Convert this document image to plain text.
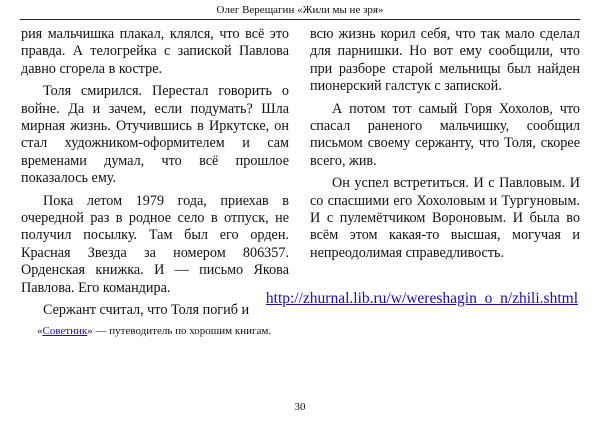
Олег Верещагин «Жили мы не зря»

рия мальчишка плакал, клялся, что всё это правда. А телогрейка с запиской Павлова давно сгорела в костре.

Толя смирился. Перестал говорить о войне. Да и зачем, если подумать? Шла мирная жизнь. Отучившись в Иркутске, он стал художником-оформителем и сам временами думал, что всё прошлое показалось ему.

Пока летом 1979 года, приехав в очередной раз в родное село в отпуск, не получил посылку. Там был его орден. Красная Звезда за номером 806357. Орденская книжка. И — письмо Якова Павлова. Его командира.

Сержант считал, что Толя погиб и

всю жизнь корил себя, что так мало сделал для парнишки. Но вот ему сообщили, что при разборе старой мельницы был найден пионерский галстук с запиской.

А потом тот самый Горя Хохолов, что спасал раненого мальчишку, сообщил письмом своему сержанту, что Толя, скорее всего, жив.

Он успел встретиться. И с Павловым. И со спасшими его Хохоловым и Тургуновым. И с пулемётчиком Вороновым. И была во всём этом какая-то высшая, могучая и непреодолимая справедливость.

http://zhurnal.lib.ru/w/wereshagin_o_n/zhili.shtml
«Советник» — путеводитель по хорошим книгам.
30
